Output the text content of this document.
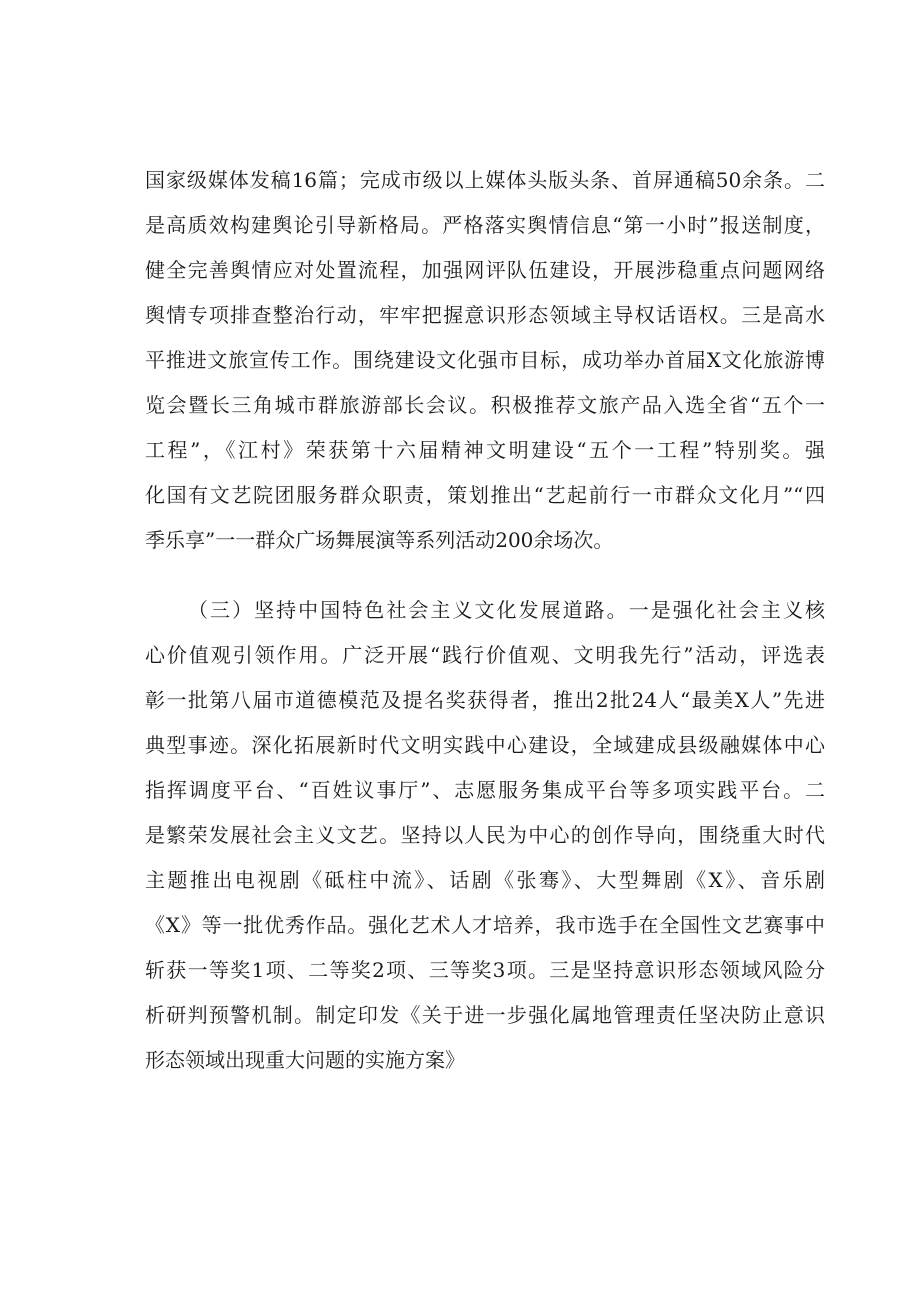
国家级媒体发稿16篇；完成市级以上媒体头版头条、首屏通稿50余条。二
是高质效构建舆论引导新格局。严格落实舆情信息“第一小时”报送制度，
健全完善舆情应对处置流程，加强网评队伍建设，开展涉稳重点问题网络
舆情专项排查整治行动，牢牢把握意识形态领域主导权话语权。三是高水
平推进文旅宣传工作。围绕建设文化强市目标，成功举办首届X文化旅游博
览会暨长三角城市群旅游部长会议。积极推荐文旅产品入选全省“五个一
工程”，《江村》荣获第十六届精神文明建设“五个一工程”特别奖。强
化国有文艺院团服务群众职责，策划推出“艺起前行一市群众文化月”“四
季乐享”一一群众广场舞展演等系列活动200余场次。
（三）坚持中国特色社会主义文化发展道路。一是强化社会主义核
心价值观引领作用。广泛开展“践行价值观、文明我先行”活动，评选表
彰一批第八届市道德模范及提名奖获得者，推出2批24人“最美X人”先进
典型事迹。深化拓展新时代文明实践中心建设，全域建成县级融媒体中心
指挥调度平台、“百姓议事厅”、志愿服务集成平台等多项实践平台。二
是繁荣发展社会主义文艺。坚持以人民为中心的创作导向，围绕重大时代
主题推出电视剧《砥柱中流》、话剧《张骞》、大型舞剧《X》、音乐剧
《X》等一批优秀作品。强化艺术人才培养，我市选手在全国性文艺赛事中
斩获一等奖1项、二等奖2项、三等奖3项。三是坚持意识形态领域风险分
析研判预警机制。制定印发《关于进一步强化属地管理责任坚决防止意识
形态领域出现重大问题的实施方案》
